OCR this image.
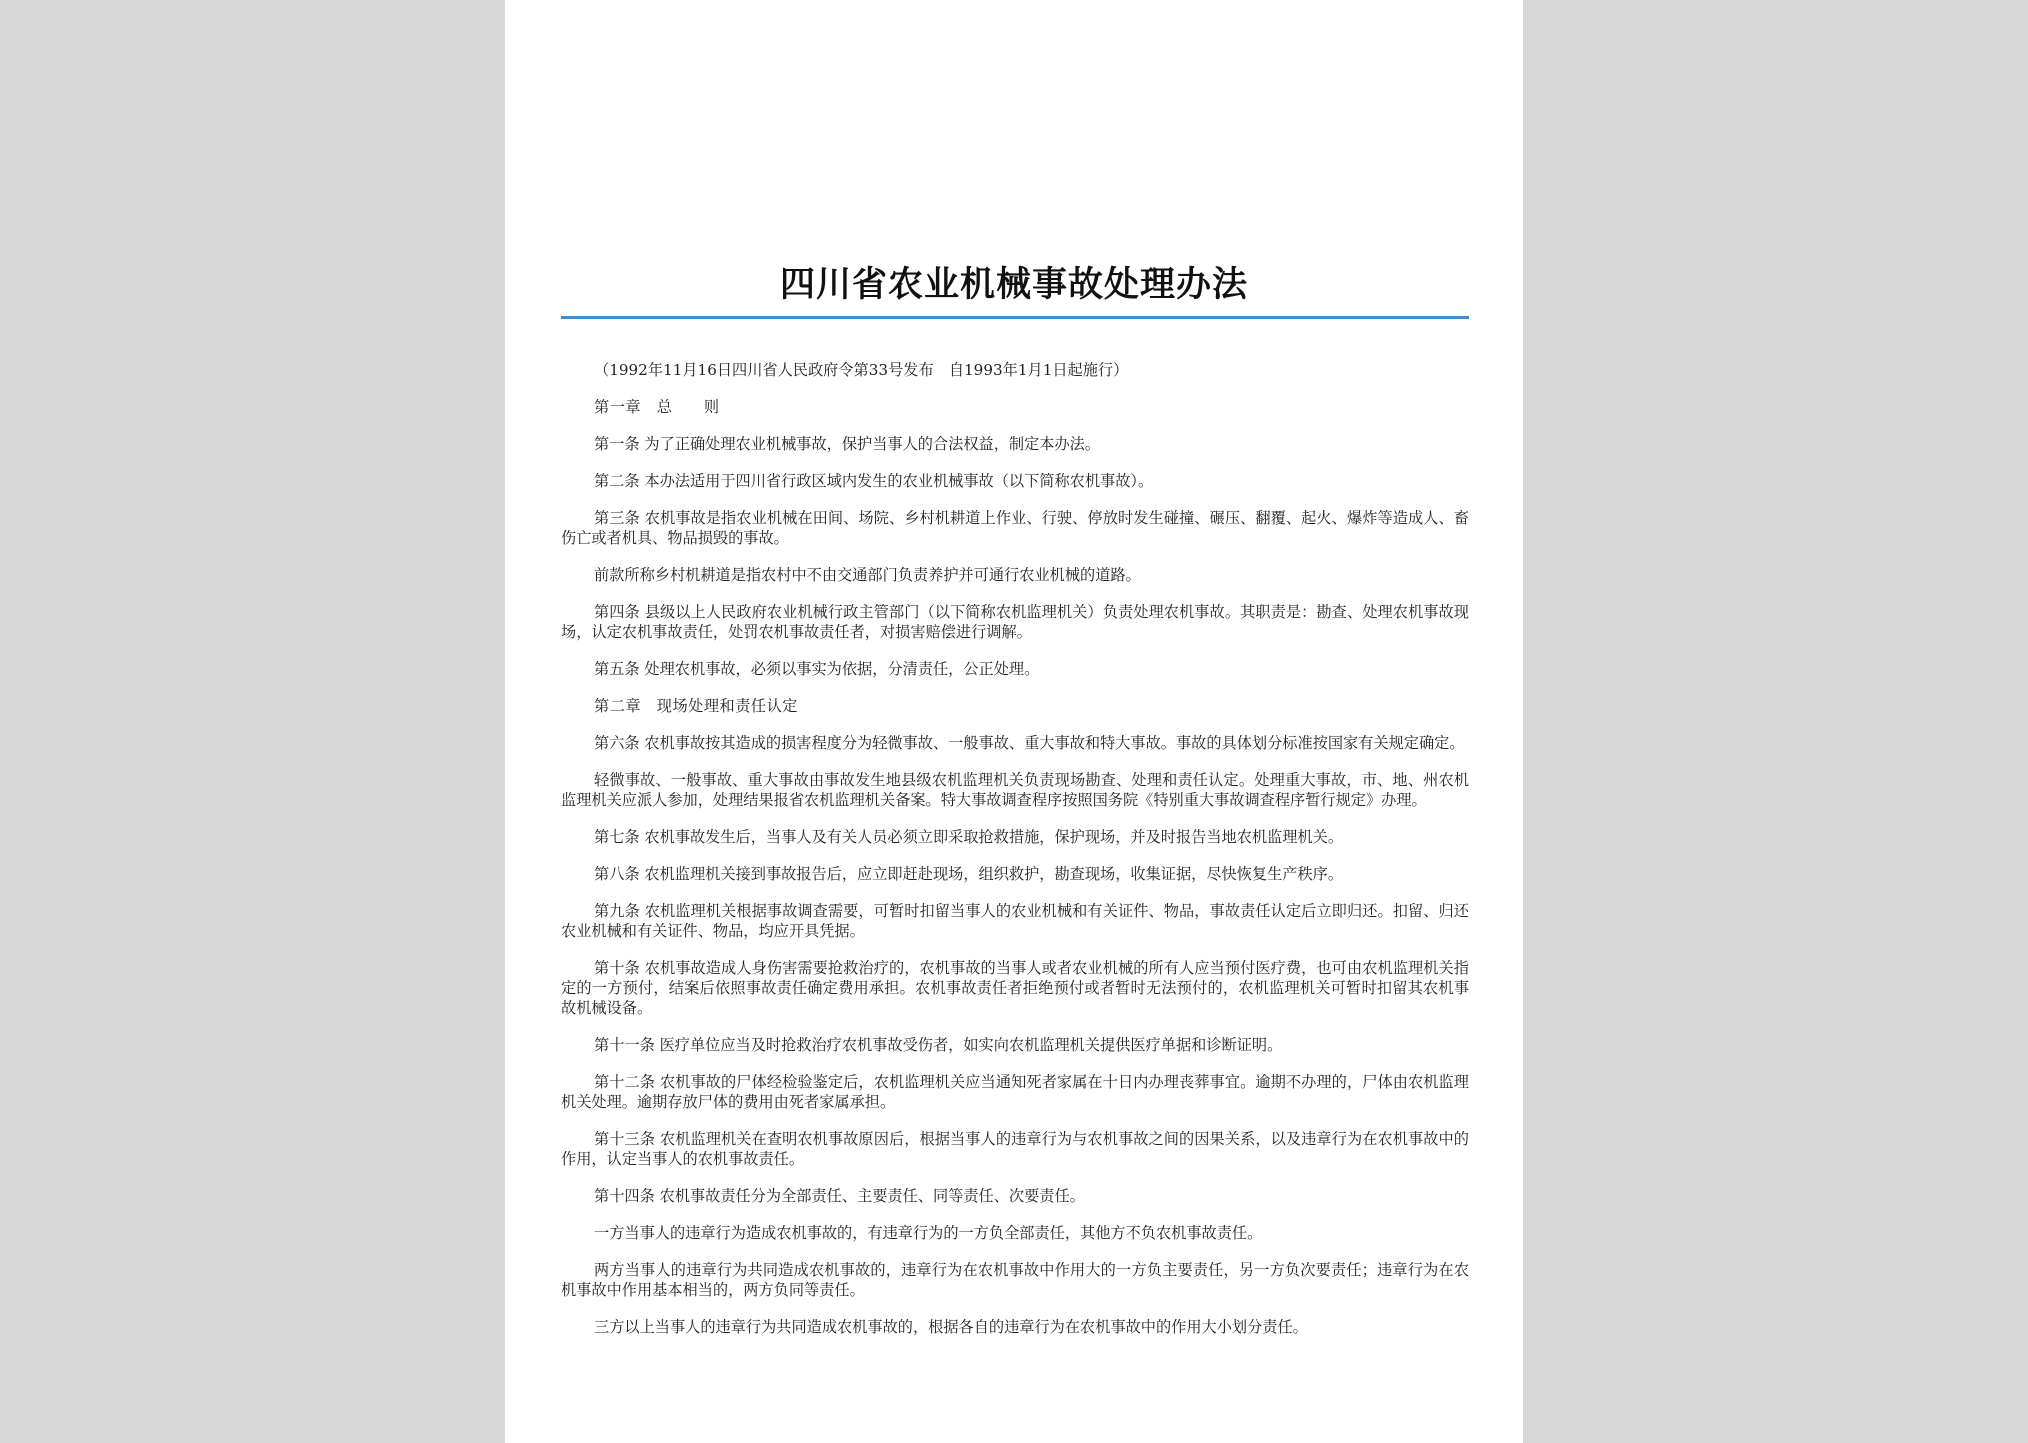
四川省农业机械事故处理办法

（1992年11月16日四川省人民政府令第33号发布　自1993年1月1日起施行）

第一章　总　　则

第一条 为了正确处理农业机械事故，保护当事人的合法权益，制定本办法。

第二条 本办法适用于四川省行政区域内发生的农业机械事故（以下简称农机事故）。

第三条 农机事故是指农业机械在田间、场院、乡村机耕道上作业、行驶、停放时发生碰撞、碾压、翻覆、起火、爆炸等造成人、畜伤亡或者机具、物品损毁的事故。

前款所称乡村机耕道是指农村中不由交通部门负责养护并可通行农业机械的道路。

第四条 县级以上人民政府农业机械行政主管部门（以下简称农机监理机关）负责处理农机事故。其职责是：勘查、处理农机事故现场，认定农机事故责任，处罚农机事故责任者，对损害赔偿进行调解。

第五条 处理农机事故，必须以事实为依据，分清责任，公正处理。

第二章　现场处理和责任认定

第六条 农机事故按其造成的损害程度分为轻微事故、一般事故、重大事故和特大事故。事故的具体划分标准按国家有关规定确定。

轻微事故、一般事故、重大事故由事故发生地县级农机监理机关负责现场勘查、处理和责任认定。处理重大事故，市、地、州农机监理机关应派人参加，处理结果报省农机监理机关备案。特大事故调查程序按照国务院《特别重大事故调查程序暂行规定》办理。

第七条 农机事故发生后，当事人及有关人员必须立即采取抢救措施，保护现场，并及时报告当地农机监理机关。

第八条 农机监理机关接到事故报告后，应立即赶赴现场，组织救护，勘查现场，收集证据，尽快恢复生产秩序。

第九条 农机监理机关根据事故调查需要，可暂时扣留当事人的农业机械和有关证件、物品，事故责任认定后立即归还。扣留、归还农业机械和有关证件、物品，均应开具凭据。

第十条 农机事故造成人身伤害需要抢救治疗的，农机事故的当事人或者农业机械的所有人应当预付医疗费，也可由农机监理机关指定的一方预付，结案后依照事故责任确定费用承担。农机事故责任者拒绝预付或者暂时无法预付的，农机监理机关可暂时扣留其农机事故机械设备。

第十一条 医疗单位应当及时抢救治疗农机事故受伤者，如实向农机监理机关提供医疗单据和诊断证明。

第十二条 农机事故的尸体经检验鉴定后，农机监理机关应当通知死者家属在十日内办理丧葬事宜。逾期不办理的，尸体由农机监理机关处理。逾期存放尸体的费用由死者家属承担。

第十三条 农机监理机关在查明农机事故原因后，根据当事人的违章行为与农机事故之间的因果关系，以及违章行为在农机事故中的作用，认定当事人的农机事故责任。

第十四条 农机事故责任分为全部责任、主要责任、同等责任、次要责任。

一方当事人的违章行为造成农机事故的，有违章行为的一方负全部责任，其他方不负农机事故责任。

两方当事人的违章行为共同造成农机事故的，违章行为在农机事故中作用大的一方负主要责任，另一方负次要责任；违章行为在农机事故中作用基本相当的，两方负同等责任。

三方以上当事人的违章行为共同造成农机事故的，根据各自的违章行为在农机事故中的作用大小划分责任。
